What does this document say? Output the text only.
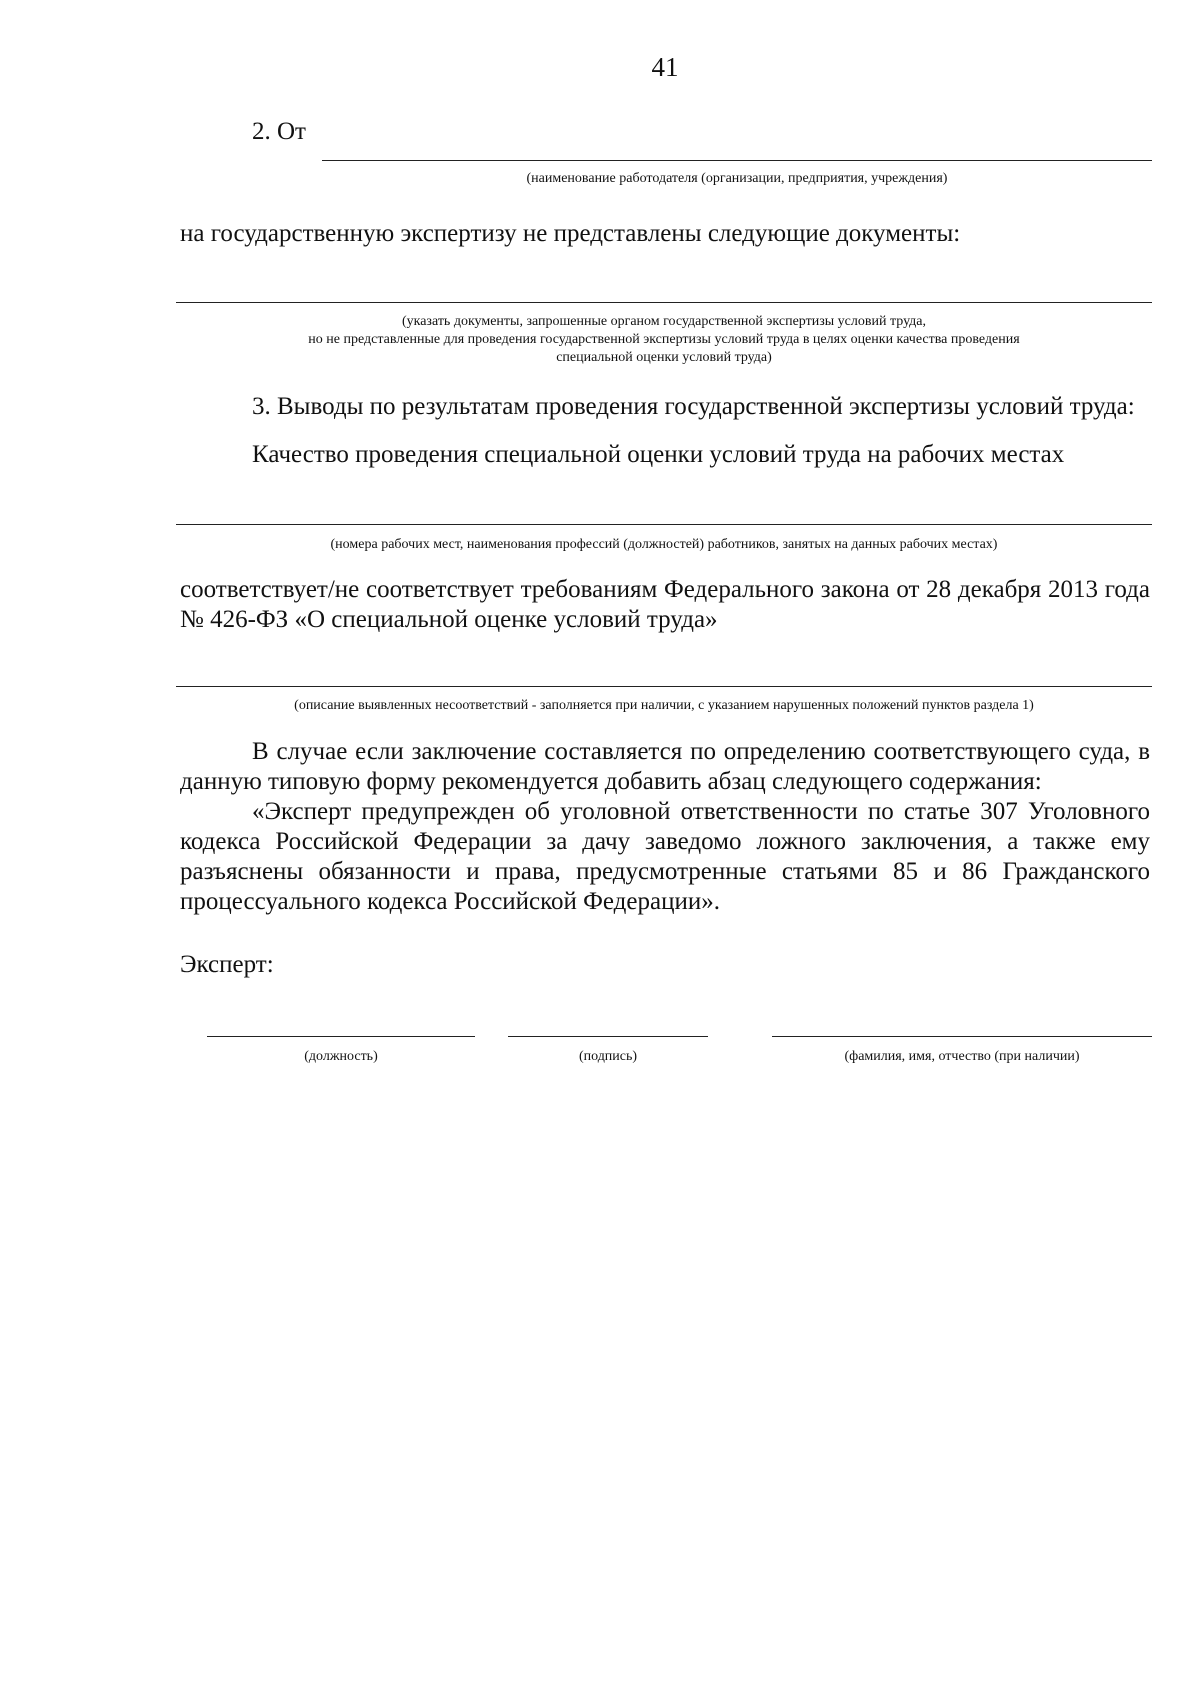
41
2. От
(наименование работодателя (организации, предприятия, учреждения)
на государственную экспертизу не представлены следующие документы:
(указать документы, запрошенные органом государственной экспертизы условий труда,
но не представленные для проведения государственной экспертизы условий труда в целях оценки качества проведения
специальной оценки условий труда)
3. Выводы по результатам проведения государственной экспертизы условий труда:
Качество проведения специальной оценки условий труда на рабочих местах
(номера рабочих мест, наименования профессий (должностей) работников, занятых на данных рабочих местах)
соответствует/не соответствует требованиям Федерального закона от 28 декабря 2013 года № 426-ФЗ «О специальной оценке условий труда»
(описание выявленных несоответствий - заполняется при наличии, с указанием нарушенных положений пунктов раздела 1)
В случае если заключение составляется по определению соответствующего суда, в данную типовую форму рекомендуется добавить абзац следующего содержания:
«Эксперт предупрежден об уголовной ответственности по статье 307 Уголовного кодекса Российской Федерации за дачу заведомо ложного заключения, а также ему разъяснены обязанности и права, предусмотренные статьями 85 и 86 Гражданского процессуального кодекса Российской Федерации».
Эксперт:
(должность)	(подпись)	(фамилия, имя, отчество (при наличии)
